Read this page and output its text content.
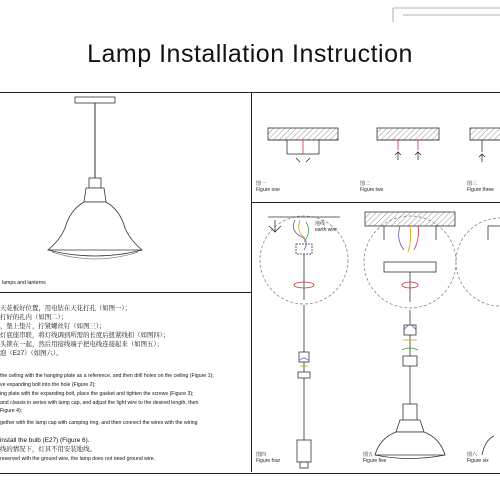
Lamp Installation Instruction
lamps and lanterns
图一
Figure one
图二
Figure two
图三
Figure three
图四
Figure four
图五
Figure five
图六
Figure six
地线
earth wire
天花板好位置，用电钻在天花打孔（如图一）；
打好的孔内（如图二）；
，垫上垫片，拧紧螺丝钉（如图三）；
灯底座串联，将灯线调到所需的长度后扭紧线扣（如图四）；
头锁在一起，然后用接线端子把电线连接起来（如图五）；
泡（E27）（如图六）。
the ceiling with the hanging plate as a reference, and then drill holes on the ceiling (Figure 1);
ve expanding bolt into the hole (Figure 2);
ing plate with the expanding bolt, place the gasket and tighten the screws (Figure 3);
and classis in series with lamp cap, and adjust the light wire to the desired length, then
Figure 4);
gether with the lamp cap with camping ring, and then connect the wires with the wiring
install the bulb (E27) (Figure 6).
线的情况下，灯具不用安装地线。
reserved with the ground wire, the lamp does not need ground wire.
